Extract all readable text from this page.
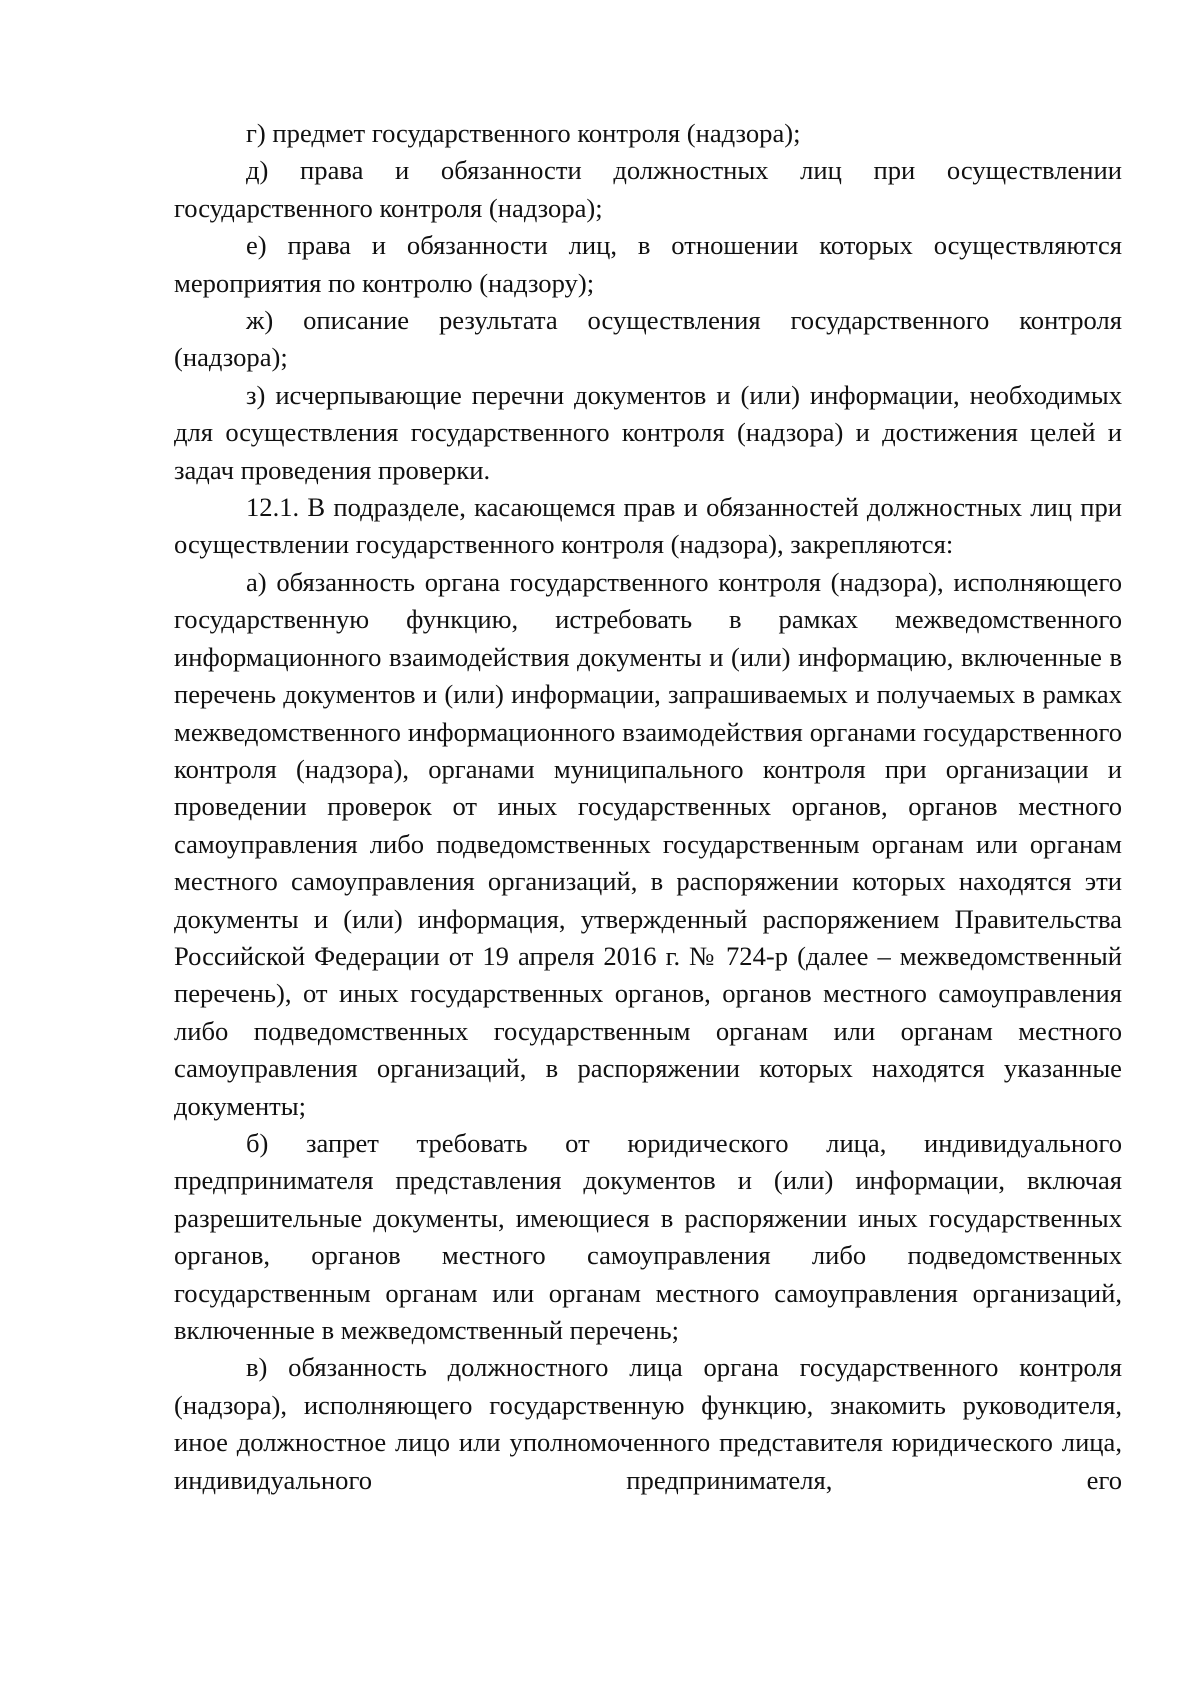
г) предмет государственного контроля (надзора);

д) права и обязанности должностных лиц при осуществлении государственного контроля (надзора);

е) права и обязанности лиц, в отношении которых осуществляются мероприятия по контролю (надзору);

ж) описание результата осуществления государственного контроля (надзора);

з) исчерпывающие перечни документов и (или) информации, необходимых для осуществления государственного контроля (надзора) и достижения целей и задач проведения проверки.

12.1. В подразделе, касающемся прав и обязанностей должностных лиц при осуществлении государственного контроля (надзора), закрепляются:

а) обязанность органа государственного контроля (надзора), исполняющего государственную функцию, истребовать в рамках межведомственного информационного взаимодействия документы и (или) информацию, включенные в перечень документов и (или) информации, запрашиваемых и получаемых в рамках межведомственного информационного взаимодействия органами государственного контроля (надзора), органами муниципального контроля при организации и проведении проверок от иных государственных органов, органов местного самоуправления либо подведомственных государственным органам или органам местного самоуправления организаций, в распоряжении которых находятся эти документы и (или) информация, утвержденный распоряжением Правительства Российской Федерации от 19 апреля 2016 г. № 724-р (далее – межведомственный перечень), от иных государственных органов, органов местного самоуправления либо подведомственных государственным органам или органам местного самоуправления организаций, в распоряжении которых находятся указанные документы;

б) запрет требовать от юридического лица, индивидуального предпринимателя представления документов и (или) информации, включая разрешительные документы, имеющиеся в распоряжении иных государственных органов, органов местного самоуправления либо подведомственных государственным органам или органам местного самоуправления организаций, включенные в межведомственный перечень;

в) обязанность должностного лица органа государственного контроля (надзора), исполняющего государственную функцию, знакомить руководителя, иное должностное лицо или уполномоченного представителя юридического лица, индивидуального предпринимателя, его
